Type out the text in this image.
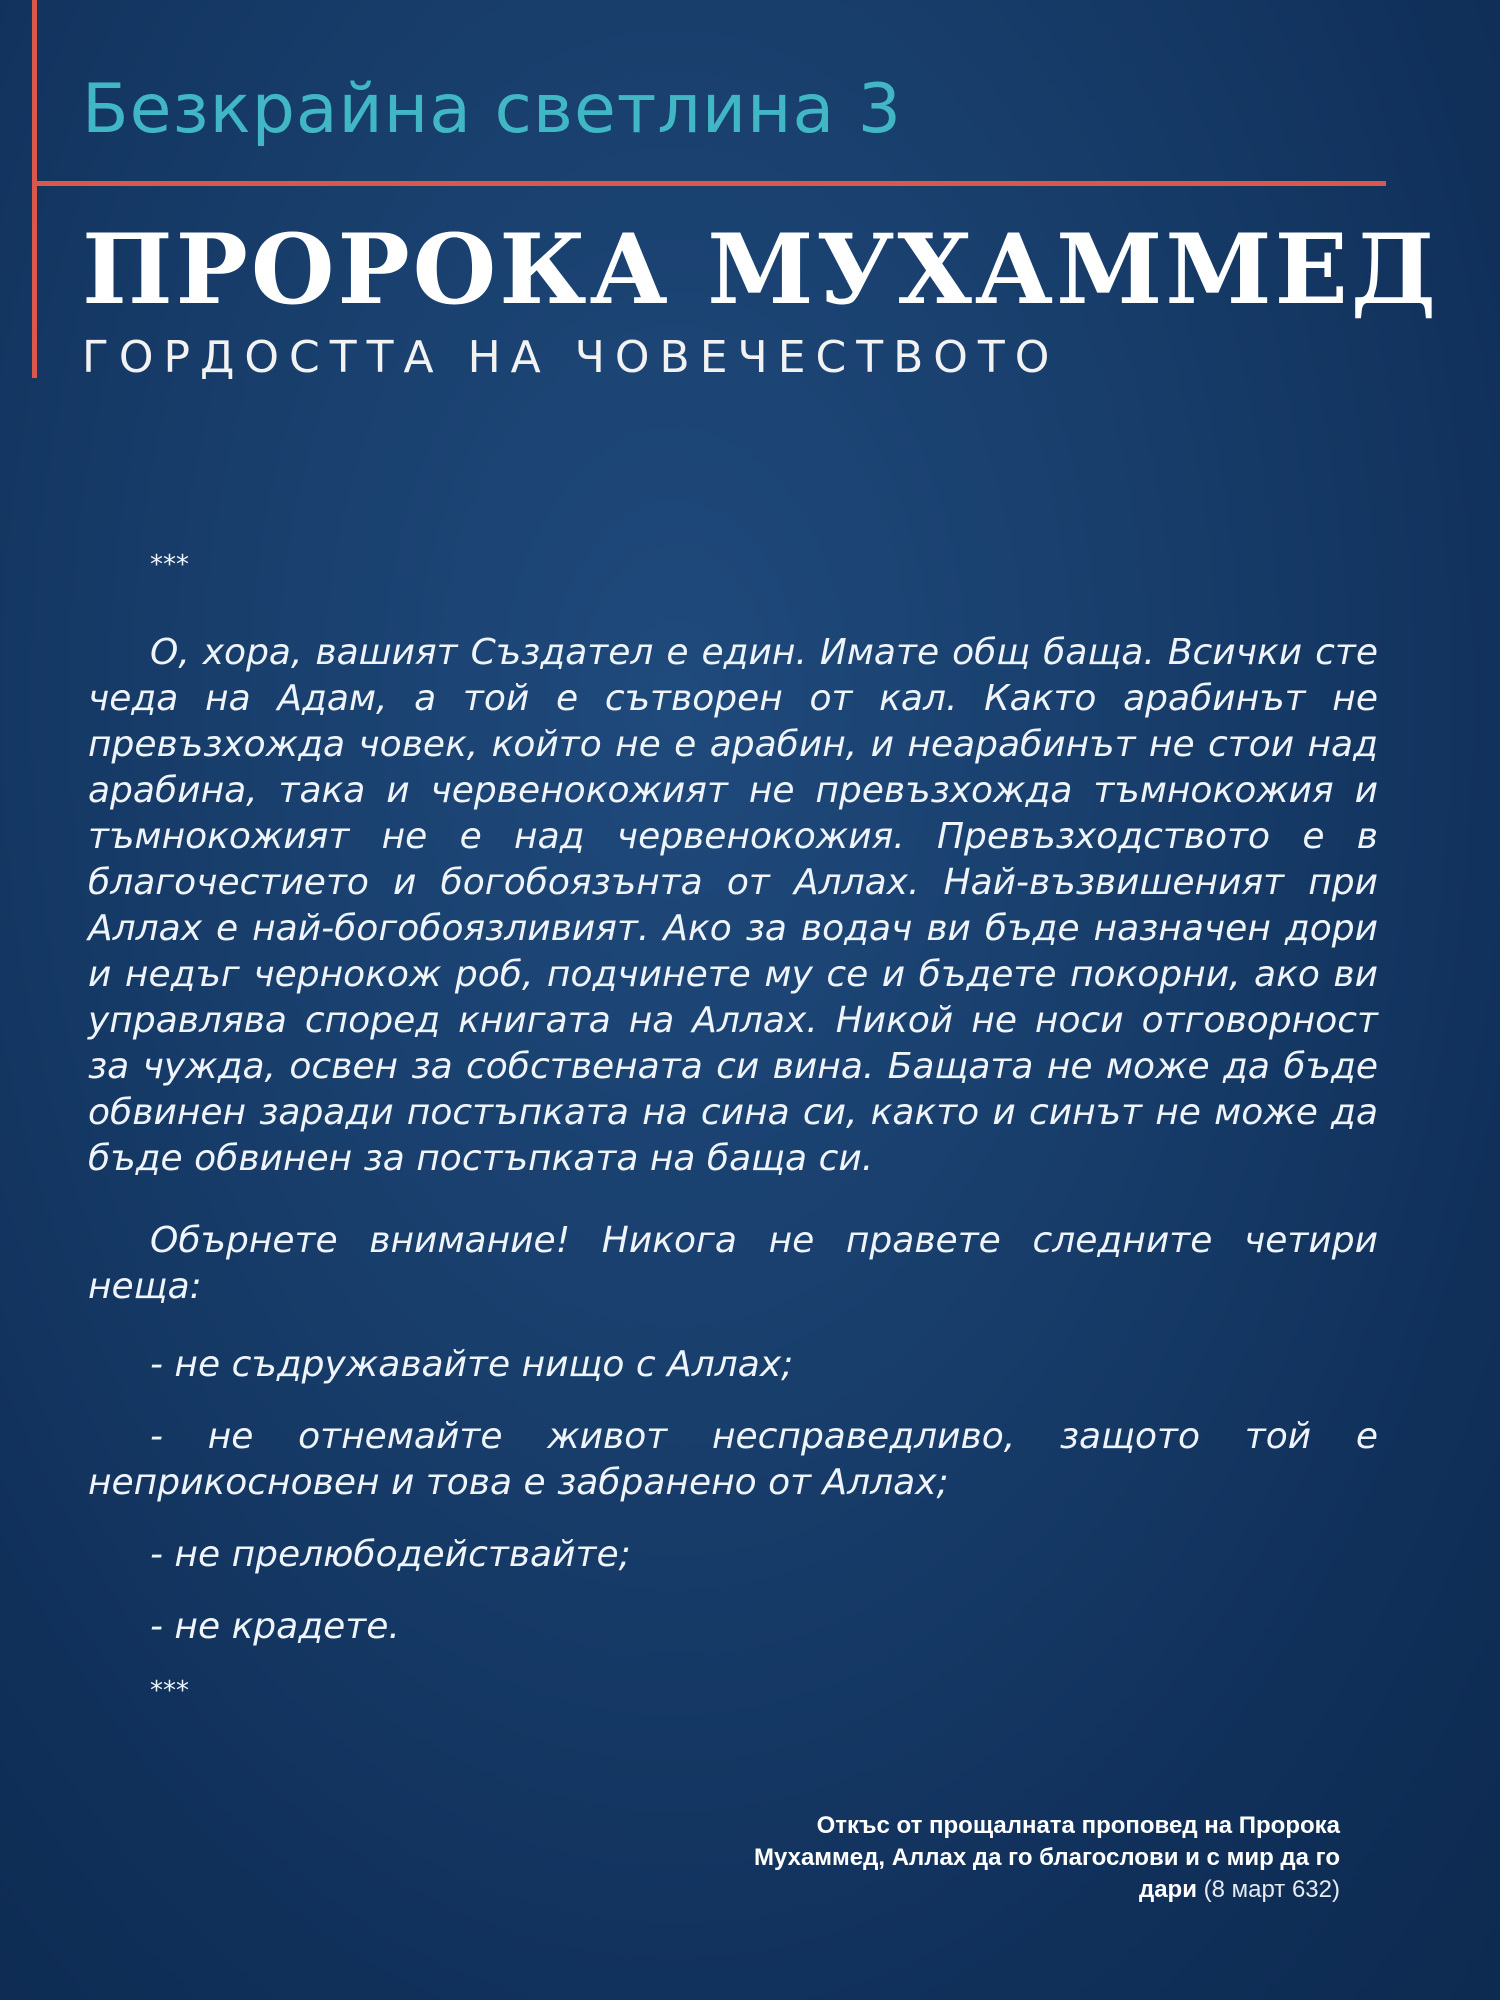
Безкрайна светлина 3
ПРОРОКА МУХАММЕД
ГОРДОСТТА НА ЧОВЕЧЕСТВОТО

***

О, хора, вашият Създател е един. Имате общ баща. Всички сте чеда на Адам, а той е сътворен от кал. Както арабинът не превъзхожда човек, който не е арабин, и неарабинът не стои над арабина, така и червенокожият не превъзхожда тъмнокожия и тъмнокожият не е над червенокожия. Превъзходството е в благочестието и богобоязънта от Аллах. Най-възвишеният при Аллах е най-богобоязливият. Ако за водач ви бъде назначен дори и недъг чернокож роб, подчинете му се и бъдете покорни, ако ви управлява според книгата на Аллах. Никой не носи отговорност за чужда, освен за собствената си вина. Бащата не може да бъде обвинен заради постъпката на сина си, както и синът не може да бъде обвинен за постъпката на баща си.

Обърнете внимание! Никога не правете следните четири неща:

- не съдружавайте нищо с Аллах;

- не отнемайте живот несправедливо, защото той е неприкосновен и това е забранено от Аллах;

- не прелюбодействайте;

- не крадете.

***

Откъс от прощалната проповед на Пророка Мухаммед, Аллах да го благослови и с мир да го дари (8 март 632)
